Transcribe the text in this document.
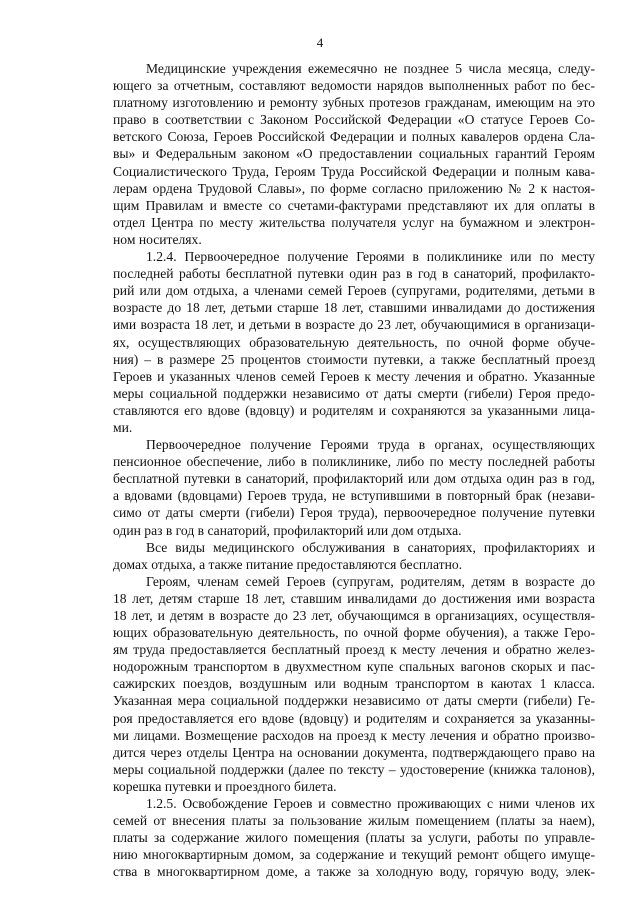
4
Медицинские учреждения ежемесячно не позднее 5 числа месяца, следу-
ющего за отчетным, составляют ведомости нарядов выполненных работ по бес-
платному изготовлению и ремонту зубных протезов гражданам, имеющим на это
право в соответствии с Законом Российской Федерации «О статусе Героев Со-
ветского Союза, Героев Российской Федерации и полных кавалеров ордена Сла-
вы» и Федеральным законом «О предоставлении социальных гарантий Героям
Социалистического Труда, Героям Труда Российской Федерации и полным кава-
лерам ордена Трудовой Славы», по форме согласно приложению № 2 к настоя-
щим Правилам и вместе со счетами-фактурами представляют их для оплаты в
отдел Центра по месту жительства получателя услуг на бумажном и электрон-
ном носителях.
1.2.4. Первоочередное получение Героями в поликлинике или по месту
последней работы бесплатной путевки один раз в год в санаторий, профилакто-
рий или дом отдыха, а членами семей Героев (супругами, родителями, детьми в
возрасте до 18 лет, детьми старше 18 лет, ставшими инвалидами до достижения
ими возраста 18 лет, и детьми в возрасте до 23 лет, обучающимися в организаци-
ях, осуществляющих образовательную деятельность, по очной форме обуче-
ния) – в размере 25 процентов стоимости путевки, а также бесплатный проезд
Героев и указанных членов семей Героев к месту лечения и обратно. Указанные
меры социальной поддержки независимо от даты смерти (гибели) Героя предо-
ставляются его вдове (вдовцу) и родителям и сохраняются за указанными лица-
ми.
Первоочередное получение Героями труда в органах, осуществляющих
пенсионное обеспечение, либо в поликлинике, либо по месту последней работы
бесплатной путевки в санаторий, профилакторий или дом отдыха один раз в год,
а вдовами (вдовцами) Героев труда, не вступившими в повторный брак (незави-
симо от даты смерти (гибели) Героя труда), первоочередное получение путевки
один раз в год в санаторий, профилакторий или дом отдыха.
Все виды медицинского обслуживания в санаториях, профилакториях и
домах отдыха, а также питание предоставляются бесплатно.
Героям, членам семей Героев (супругам, родителям, детям в возрасте до
18 лет, детям старше 18 лет, ставшим инвалидами до достижения ими возраста
18 лет, и детям в возрасте до 23 лет, обучающимся в организациях, осуществля-
ющих образовательную деятельность, по очной форме обучения), а также Геро-
ям труда предоставляется бесплатный проезд к месту лечения и обратно желез-
нодорожным транспортом в двухместном купе спальных вагонов скорых и пас-
сажирских поездов, воздушным или водным транспортом в каютах 1 класса.
Указанная мера социальной поддержки независимо от даты смерти (гибели) Ге-
роя предоставляется его вдове (вдовцу) и родителям и сохраняется за указанны-
ми лицами. Возмещение расходов на проезд к месту лечения и обратно произво-
дится через отделы Центра на основании документа, подтверждающего право на
меры социальной поддержки (далее по тексту – удостоверение (книжка талонов),
корешка путевки и проездного билета.
1.2.5. Освобождение Героев и совместно проживающих с ними членов их
семей от внесения платы за пользование жилым помещением (платы за наем),
платы за содержание жилого помещения (платы за услуги, работы по управле-
нию многоквартирным домом, за содержание и текущий ремонт общего имуще-
ства в многоквартирном доме, а также за холодную воду, горячую воду, элек-
